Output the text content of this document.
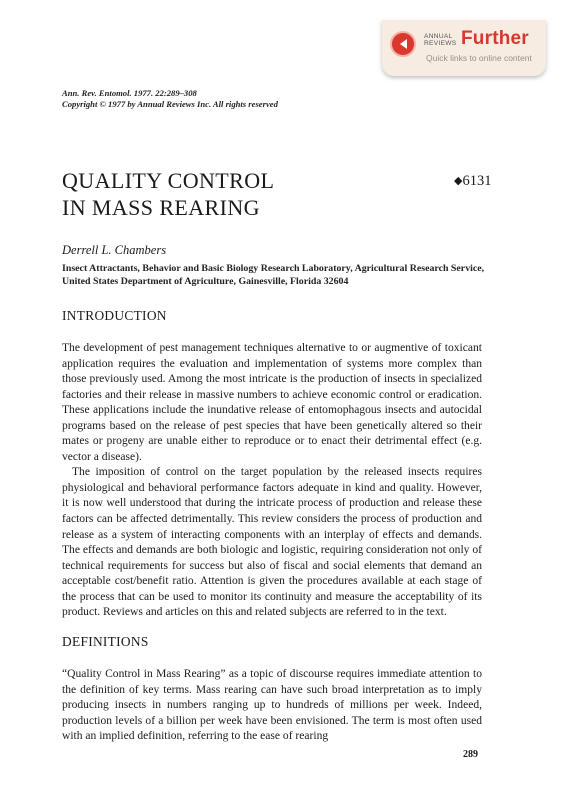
ANNUAL
REVIEWS Further
Quick links to online content
Ann. Rev. Entomol. 1977. 22:289–308
Copyright © 1977 by Annual Reviews Inc. All rights reserved
QUALITY CONTROL
IN MASS REARING
◆6131
Derrell L. Chambers
Insect Attractants, Behavior and Basic Biology Research Laboratory, Agricultural Research Service, United States Department of Agriculture, Gainesville, Florida 32604
INTRODUCTION

The development of pest management techniques alternative to or augmentive of toxicant application requires the evaluation and implementation of systems more complex than those previously used. Among the most intricate is the production of insects in specialized factories and their release in massive numbers to achieve economic control or eradication. These applications include the inundative release of entomophagous insects and autocidal programs based on the release of pest species that have been genetically altered so their mates or progeny are unable either to reproduce or to enact their detrimental effect (e.g. vector a disease).

The imposition of control on the target population by the released insects requires physiological and behavioral performance factors adequate in kind and quality. However, it is now well understood that during the intricate process of production and release these factors can be affected detrimentally. This review considers the process of production and release as a system of interacting components with an interplay of effects and demands. The effects and demands are both biologic and logistic, requiring consideration not only of technical requirements for success but also of fiscal and social elements that demand an acceptable cost/benefit ratio. Attention is given the procedures available at each stage of the process that can be used to monitor its continuity and measure the acceptability of its product. Reviews and articles on this and related subjects are referred to in the text.

DEFINITIONS

“Quality Control in Mass Rearing” as a topic of discourse requires immediate attention to the definition of key terms. Mass rearing can have such broad interpretation as to imply producing insects in numbers ranging up to hundreds of millions per week. Indeed, production levels of a billion per week have been envisioned. The term is most often used with an implied definition, referring to the ease of rearing

289
